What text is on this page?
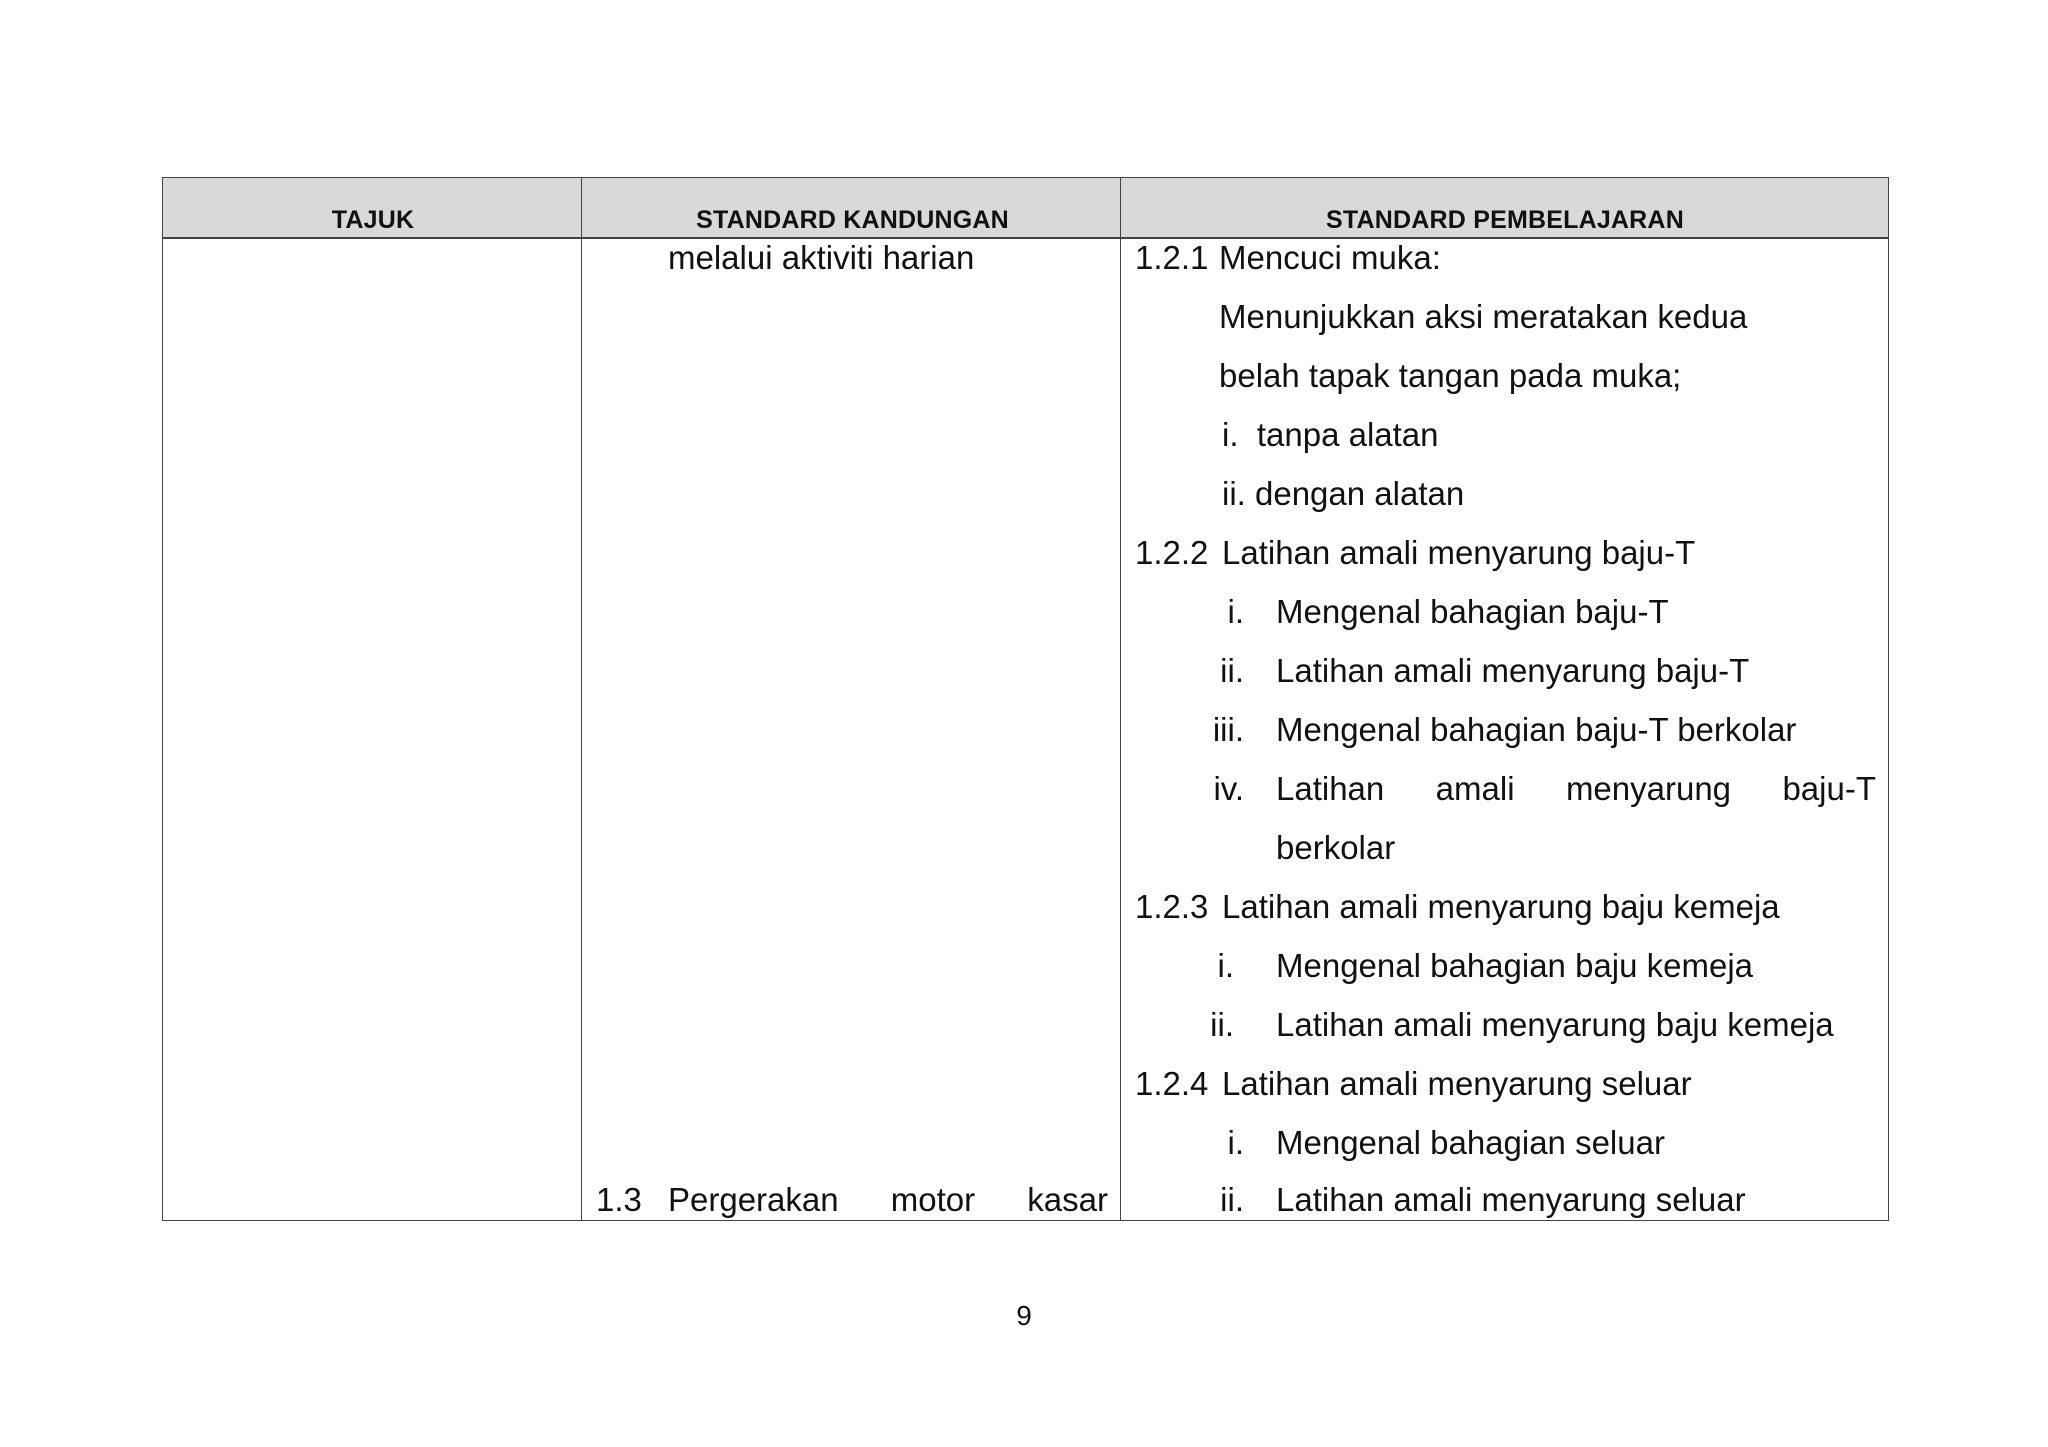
TAJUK	STANDARD KANDUNGAN	STANDARD PEMBELAJARAN
melalui aktiviti harian
1.3 Pergerakan motor kasar
1.2.1 Mencuci muka:
Menunjukkan aksi meratakan kedua
belah tapak tangan pada muka;
i.  tanpa alatan
ii. dengan alatan
1.2.2 Latihan amali menyarung baju-T
i. Mengenal bahagian baju-T
ii. Latihan amali menyarung baju-T
iii. Mengenal bahagian baju-T berkolar
iv. Latihan amali menyarung baju-T
berkolar
1.2.3 Latihan amali menyarung baju kemeja
i. Mengenal bahagian baju kemeja
ii. Latihan amali menyarung baju kemeja
1.2.4 Latihan amali menyarung seluar
i. Mengenal bahagian seluar
ii. Latihan amali menyarung seluar
9
